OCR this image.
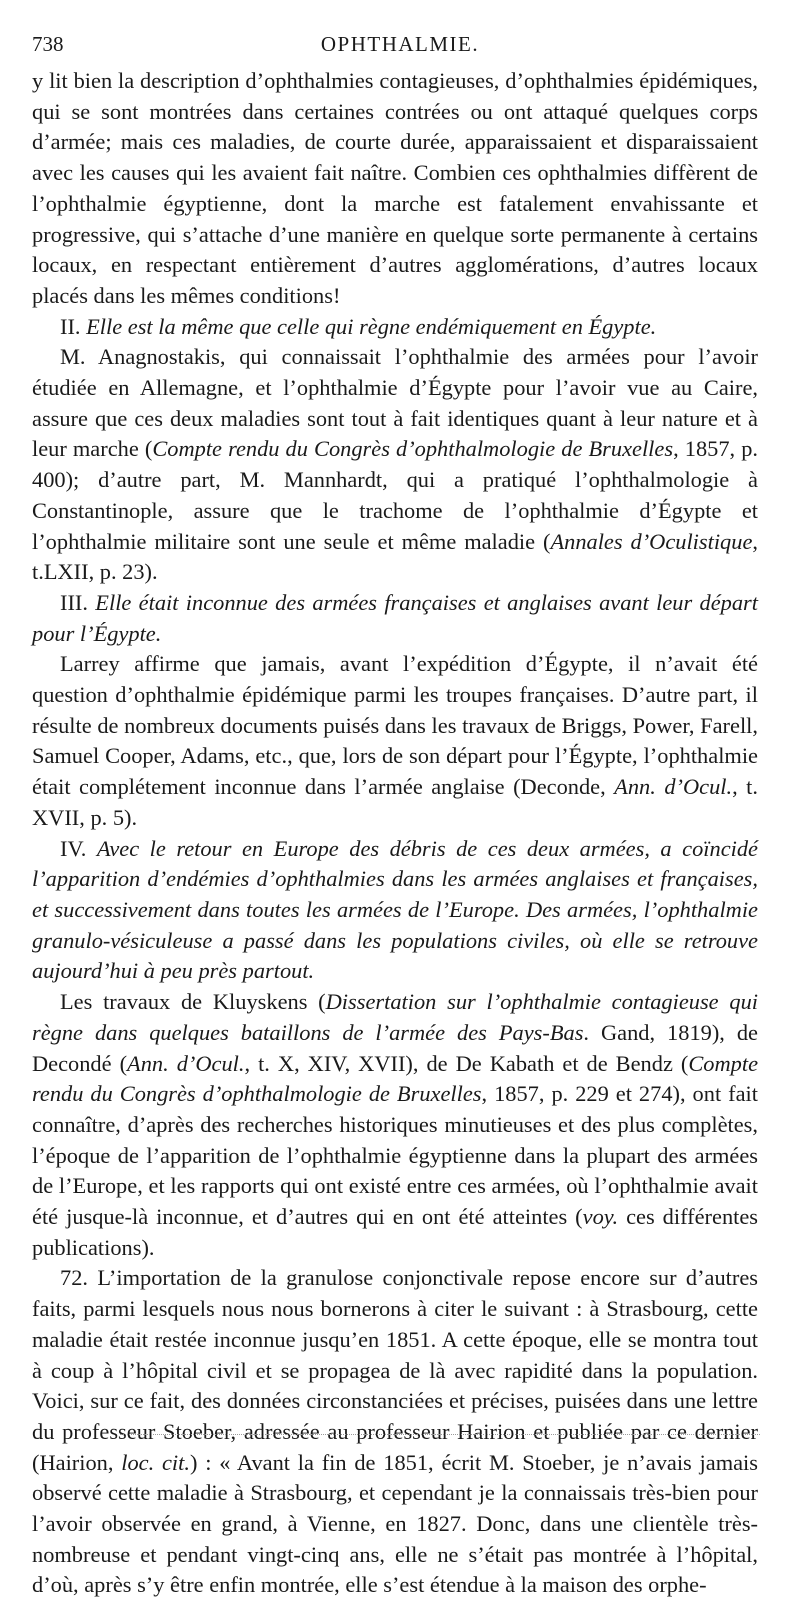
738	OPHTHALMIE.

y lit bien la description d’ophthalmies contagieuses, d’ophthalmies épidémiques, qui se sont montrées dans certaines contrées ou ont attaqué quelques corps d’armée; mais ces maladies, de courte durée, apparaissaient et disparaissaient avec les causes qui les avaient fait naître. Combien ces ophthalmies diffèrent de l’ophthalmie égyptienne, dont la marche est fatalement envahissante et progressive, qui s’attache d’une manière en quelque sorte permanente à certains locaux, en respectant entièrement d’autres agglomérations, d’autres locaux placés dans les mêmes conditions!

II. Elle est la même que celle qui règne endémiquement en Égypte.

M. Anagnostakis, qui connaissait l’ophthalmie des armées pour l’avoir étudiée en Allemagne, et l’ophthalmie d’Égypte pour l’avoir vue au Caire, assure que ces deux maladies sont tout à fait identiques quant à leur nature et à leur marche (Compte rendu du Congrès d’ophthalmologie de Bruxelles, 1857, p. 400); d’autre part, M. Mannhardt, qui a pratiqué l’ophthalmologie à Constantinople, assure que le trachome de l’ophthalmie d’Égypte et l’ophthalmie militaire sont une seule et même maladie (Annales d’Oculistique, t.LXII, p. 23).

III. Elle était inconnue des armées françaises et anglaises avant leur départ pour l’Égypte.

Larrey affirme que jamais, avant l’expédition d’Égypte, il n’avait été question d’ophthalmie épidémique parmi les troupes françaises. D’autre part, il résulte de nombreux documents puisés dans les travaux de Briggs, Power, Farell, Samuel Cooper, Adams, etc., que, lors de son départ pour l’Égypte, l’ophthalmie était complétement inconnue dans l’armée anglaise (Deconde, Ann. d’Ocul., t. XVII, p. 5).

IV. Avec le retour en Europe des débris de ces deux armées, a coïncidé l’apparition d’endémies d’ophthalmies dans les armées anglaises et françaises, et successivement dans toutes les armées de l’Europe. Des armées, l’ophthalmie granulo-vésiculeuse a passé dans les populations civiles, où elle se retrouve aujourd’hui à peu près partout.

Les travaux de Kluyskens (Dissertation sur l’ophthalmie contagieuse qui règne dans quelques bataillons de l’armée des Pays-Bas. Gand, 1819), de Decondé (Ann. d’Ocul., t. X, XIV, XVII), de De Kabath et de Bendz (Compte rendu du Congrès d’ophthalmologie de Bruxelles, 1857, p. 229 et 274), ont fait connaître, d’après des recherches historiques minutieuses et des plus complètes, l’époque de l’apparition de l’ophthalmie égyptienne dans la plupart des armées de l’Europe, et les rapports qui ont existé entre ces armées, où l’ophthalmie avait été jusque-là inconnue, et d’autres qui en ont été atteintes (voy. ces différentes publications).

72. L’importation de la granulose conjonctivale repose encore sur d’autres faits, parmi lesquels nous nous bornerons à citer le suivant : à Strasbourg, cette maladie était restée inconnue jusqu’en 1851. A cette époque, elle se montra tout à coup à l’hôpital civil et se propagea de là avec rapidité dans la population. Voici, sur ce fait, des données circonstanciées et précises, puisées dans une lettre du professeur Stoeber, adressée au professeur Hairion et publiée par ce dernier (Hairion, loc. cit.) : « Avant la fin de 1851, écrit M. Stoeber, je n’avais jamais observé cette maladie à Strasbourg, et cependant je la connaissais très-bien pour l’avoir observée en grand, à Vienne, en 1827. Donc, dans une clientèle très-nombreuse et pendant vingt-cinq ans, elle ne s’était pas montrée à l’hôpital, d’où, après s’y être enfin montrée, elle s’est étendue à la maison des orphe-
